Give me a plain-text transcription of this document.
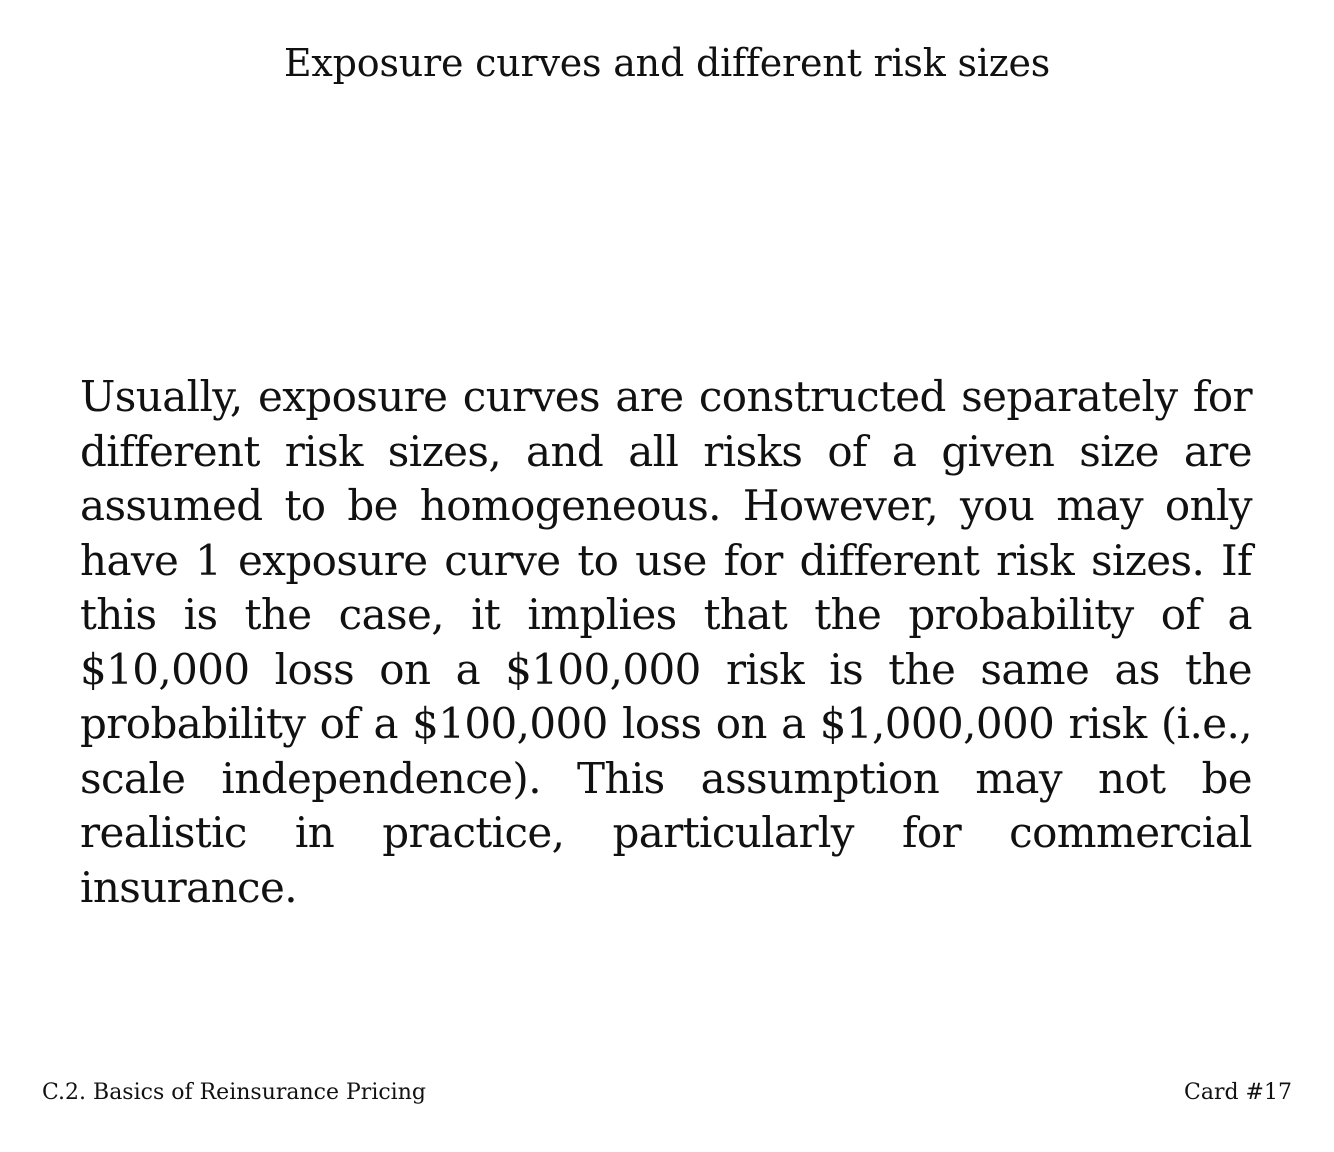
Exposure curves and different risk sizes
Usually, exposure curves are constructed separately for different risk sizes, and all risks of a given size are assumed to be homogeneous. However, you may only have 1 exposure curve to use for different risk sizes. If this is the case, it implies that the probability of a $10,000 loss on a $100,000 risk is the same as the probability of a $100,000 loss on a $1,000,000 risk (i.e., scale independence). This assumption may not be realistic in practice, particularly for commercial insurance.
C.2. Basics of Reinsurance Pricing	Card #17
